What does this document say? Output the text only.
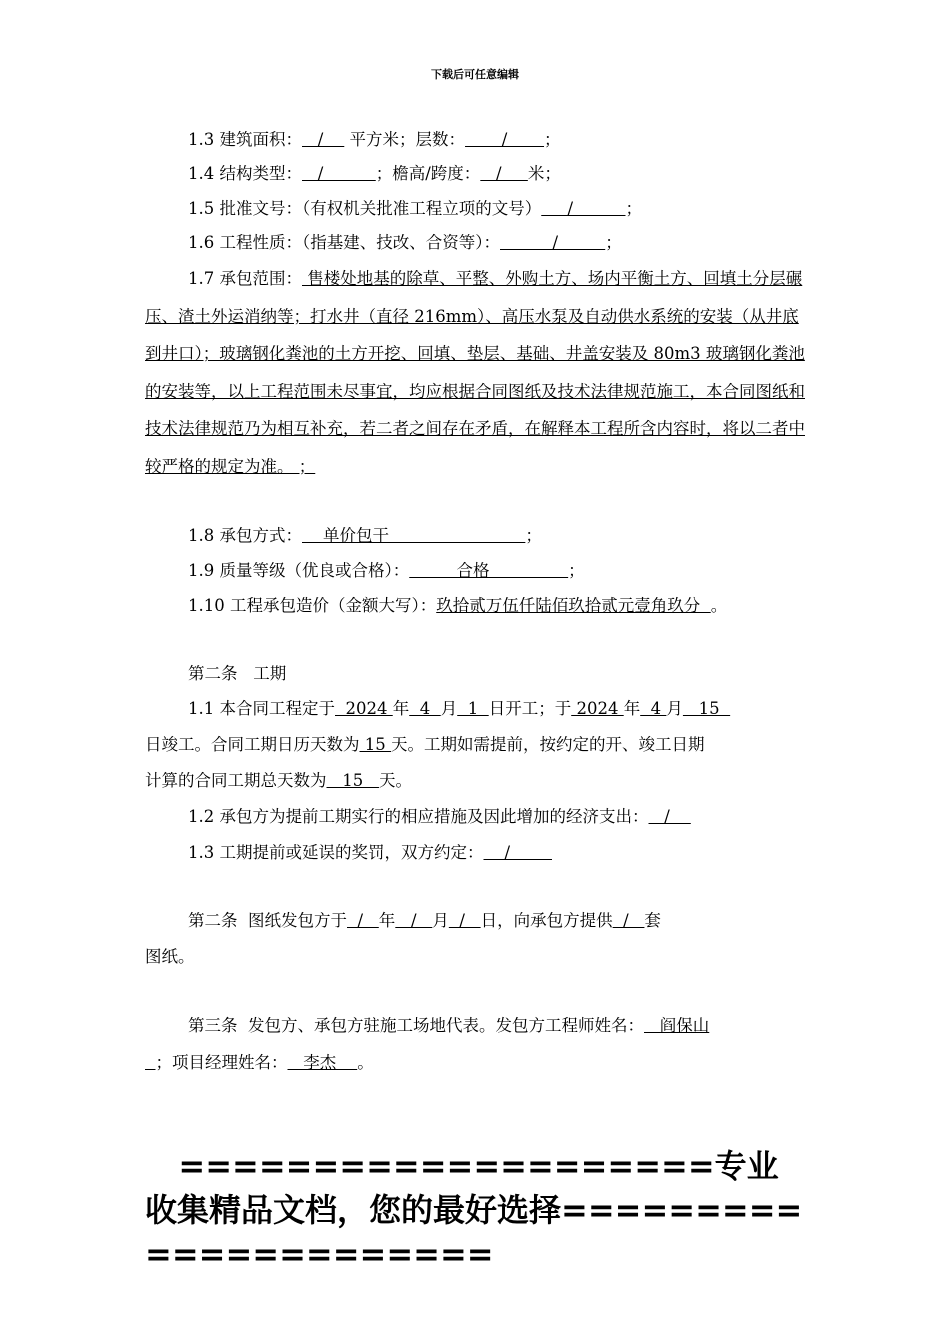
下载后可任意编辑
1.3 建筑面积：   /     平方米；层数：       /       ；
1.4 结构类型：   /          ；檐高/跨度：   /     米；
1.5 批准文号：（有权机关批准工程立项的文号）     /          ；
1.6 工程性质：（指基建、技改、合资等）：          /         ；
1.7 承包范围： 售楼处地基的除草、平整、外购土方、场内平衡土方、回填土分层碾压、渣土外运消纳等；打水井（直径 216mm）、高压水泵及自动供水系统的安装（从井底到井口）；玻璃钢化粪池的土方开挖、回填、垫层、基础、井盖安装及 80m3 玻璃钢化粪池的安装等，以上工程范围未尽事宜，均应根据合同图纸及技术法律规范施工，本合同图纸和技术法律规范乃为相互补充，若二者之间存在矛盾，在解释本工程所含内容时，将以二者中较严格的规定为准。 ；
1.8 承包方式：    单价包干                          ；
1.9 质量等级（优良或合格）：         合格               ；
1.10 工程承包造价（金额大写）：玖拾贰万伍仟陆佰玖拾贰元壹角玖分  。
第二条   工期
1.1 本合同工程定于  2024 年  4  月  1  日开工；于 2024 年  4 月   15
日竣工。合同工期日历天数为 15 天。工期如需提前，按约定的开、竣工日期
计算的合同工期总天数为   15   天。
1.2 承包方为提前工期实行的相应措施及因此增加的经济支出：   /
1.3 工期提前或延误的奖罚，双方约定：    /
第二条  图纸发包方于  /   年   /   月  /   日，向承包方提供  /   套
图纸。
第三条  发包方、承包方驻施工场地代表。发包方工程师姓名：   阎保山
；项目经理姓名：   李杰    。
====================专业收集精品文档，您的最好选择======================
